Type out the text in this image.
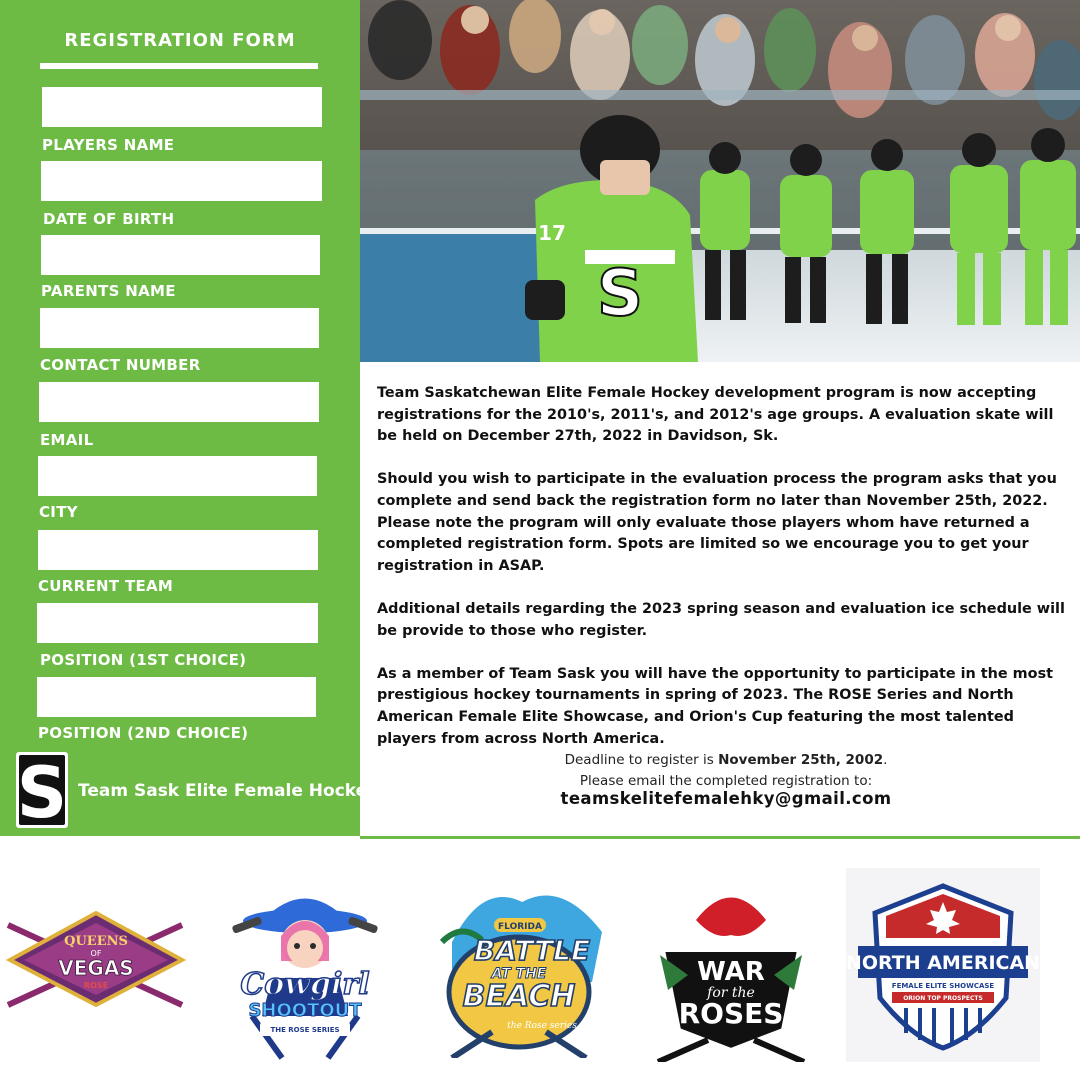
REGISTRATION FORM
PLAYERS NAME
DATE OF BIRTH
PARENTS NAME
CONTACT NUMBER
EMAIL
CITY
CURRENT TEAM
POSITION (1ST CHOICE)
POSITION (2ND CHOICE)
S Team Sask Elite Female Hockey
S
17

Team Saskatchewan Elite Female Hockey development program is now accepting registrations for the 2010's, 2011's, and 2012's age groups. A evaluation skate will be held on December 27th, 2022 in Davidson, Sk.

Should you wish to participate in the evaluation process the program asks that you complete and send back the registration form no later than November 25th, 2022. Please note the program will only evaluate those players whom have returned a completed registration form. Spots are limited so we encourage you to get your registration in ASAP.

Additional details regarding the 2023 spring season and evaluation ice schedule will be provide to those who register.

As a member of Team Sask you will have the opportunity to participate in the most prestigious hockey tournaments in spring of 2023. The ROSE Series and North American Female Elite Showcase, and Orion's Cup featuring the most talented players from across North America.

Deadline to register is November 25th, 2002.
Please email the completed registration to:
teamskelitefemalehky@gmail.com
QUEENS
OF
VEGAS
ROSE	Cowgirl
SHOOTOUT
THE ROSE SERIES
FLORIDA
BATTLE
AT THE
BEACH
the Rose series
WAR
for the
ROSES
NORTH AMERICAN
FEMALE ELITE SHOWCASE
ORION TOP PROSPECTS
